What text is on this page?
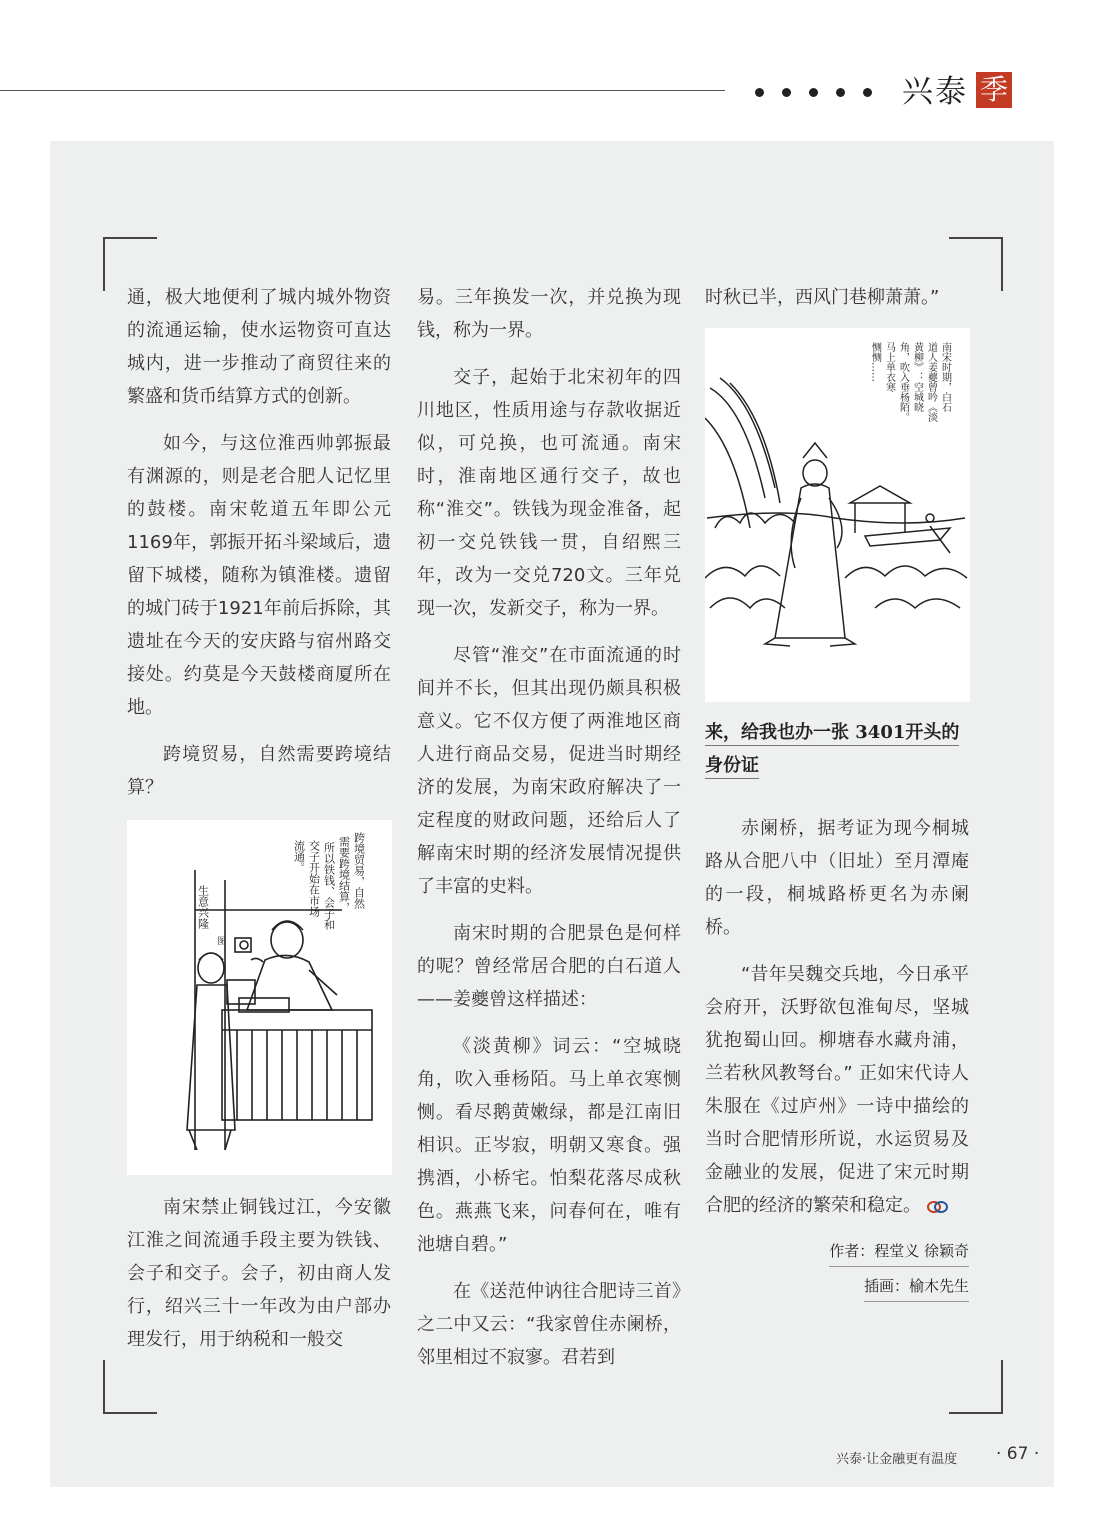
兴泰 季

通，极大地便利了城内城外物资的流通运输，使水运物资可直达城内，进一步推动了商贸往来的繁盛和货币结算方式的创新。

如今，与这位淮西帅郭振最有渊源的，则是老合肥人记忆里的鼓楼。南宋乾道五年即公元1169年，郭振开拓斗梁域后，遗留下城楼，随称为镇淮楼。遗留的城门砖于1921年前后拆除，其遗址在今天的安庆路与宿州路交接处。约莫是今天鼓楼商厦所在地。

跨境贸易，自然需要跨境结算？

图
生意兴隆	跨境贸易，自然
需要跨境结算，
所以铁钱、会子和
交子开始在市场
流通。

南宋禁止铜钱过江，今安徽江淮之间流通手段主要为铁钱、会子和交子。会子，初由商人发行，绍兴三十一年改为由户部办理发行，用于纳税和一般交

易。三年换发一次，并兑换为现钱，称为一界。

交子，起始于北宋初年的四川地区，性质用途与存款收据近似，可兑换，也可流通。南宋时，淮南地区通行交子，故也称“淮交”。铁钱为现金准备，起初一交兑铁钱一贯，自绍熙三年，改为一交兑720文。三年兑现一次，发新交子，称为一界。

尽管“淮交”在市面流通的时间并不长，但其出现仍颇具积极意义。它不仅方便了两淮地区商人进行商品交易，促进当时期经济的发展，为南宋政府解决了一定程度的财政问题，还给后人了解南宋时期的经济发展情况提供了丰富的史料。

南宋时期的合肥景色是何样的呢？曾经常居合肥的白石道人——姜夔曾这样描述：

《淡黄柳》词云：“空城晓角，吹入垂杨陌。马上单衣寒恻恻。看尽鹅黄嫩绿，都是江南旧相识。正岑寂，明朝又寒食。强携酒，小桥宅。怕梨花落尽成秋色。燕燕飞来，问春何在，唯有池塘自碧。”

在《送范仲讷往合肥诗三首》之二中又云：“我家曾住赤阑桥，邻里相过不寂寥。君若到

时秋已半，西风门巷柳萧萧。”

南宋时期，白石
道人姜夔曾吟《淡
黄柳》：空城晓
角，吹入垂杨陌。
马上单衣寒
恻恻……
来，给我也办一张 3401开头的
身份证

赤阑桥，据考证为现今桐城路从合肥八中（旧址）至月潭庵的一段，桐城路桥更名为赤阑桥。

“昔年吴魏交兵地，今日承平会府开，沃野欲包淮甸尽，坚城犹抱蜀山回。柳塘春水藏舟浦，兰若秋风教弩台。” 正如宋代诗人朱服在《过庐州》一诗中描绘的当时合肥情形所说，水运贸易及金融业的发展，促进了宋元时期合肥的经济的繁荣和稳定。

作者：程堂义 徐颖奇
插画：榆木先生
兴泰·让金融更有温度 · 67 ·
